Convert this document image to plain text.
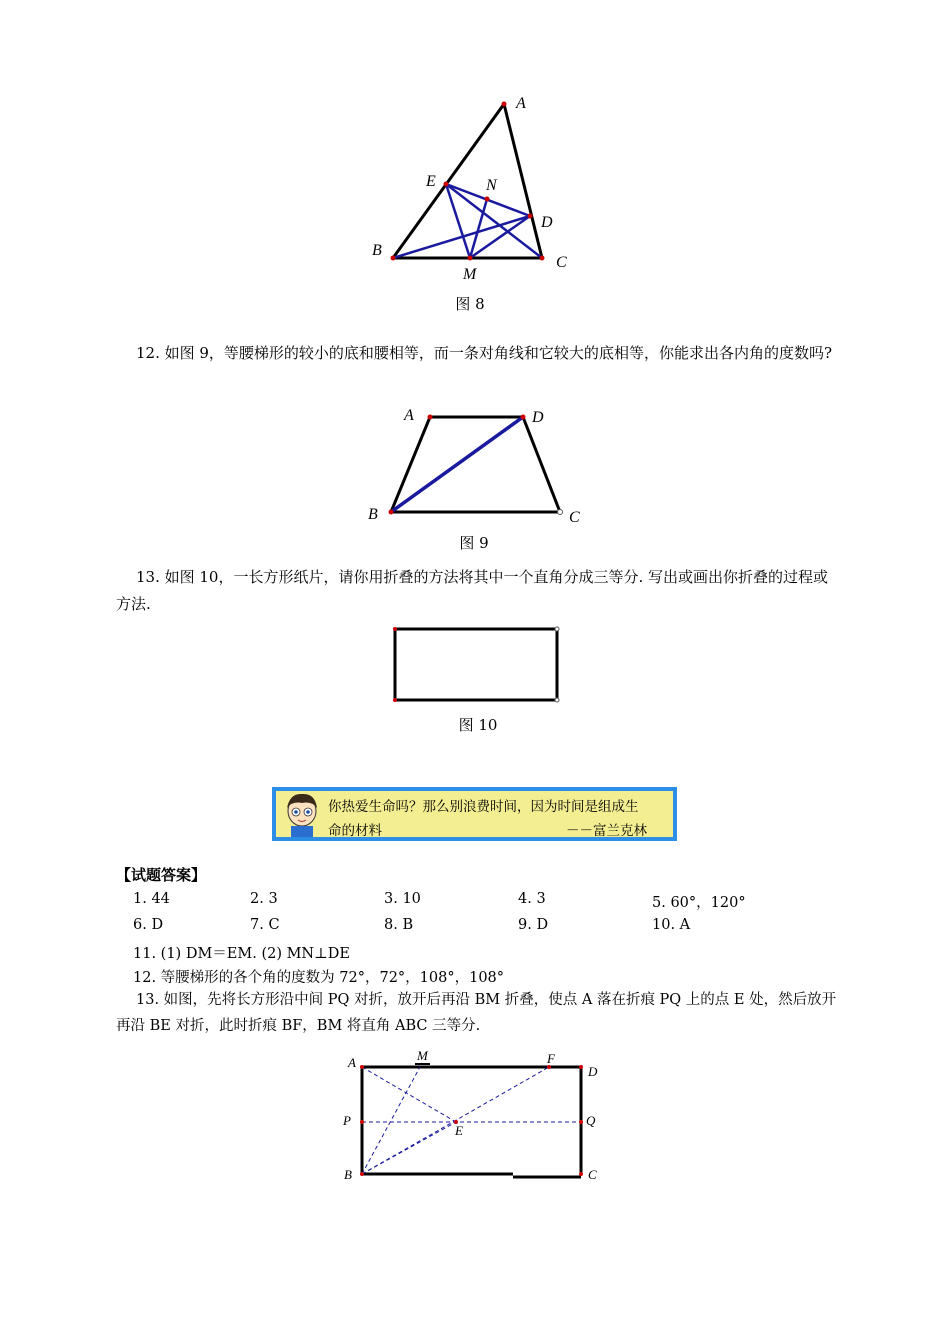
A
E	N
D
B
M
C
图 8
12. 如图 9，等腰梯形的较小的底和腰相等，而一条对角线和它较大的底相等，你能求出各内角的度数吗?
A	D
B	C
图 9
13. 如图 10，一长方形纸片，请你用折叠的方法将其中一个直角分成三等分. 写出或画出你折叠的过程或方法.
图 10
你热爱生命吗？那么别浪费时间，因为时间是组成生
命的材料	－－富兰克林
【试题答案】
1. 44	2. 3	3. 10	4. 3	5. 60°，120°
6. D	7. C	8. B	9. D	10. A
11. (1) DM＝EM. (2) MN⊥DE
12. 等腰梯形的各个角的度数为 72°，72°，108°，108°
13. 如图，先将长方形沿中间 PQ 对折，放开后再沿 BM 折叠，使点 A 落在折痕 PQ 上的点 E 处，然后放开再沿 BE 对折，此时折痕 BF，BM 将直角 ABC 三等分.
A	M	F
D
P
E
Q
B	C
